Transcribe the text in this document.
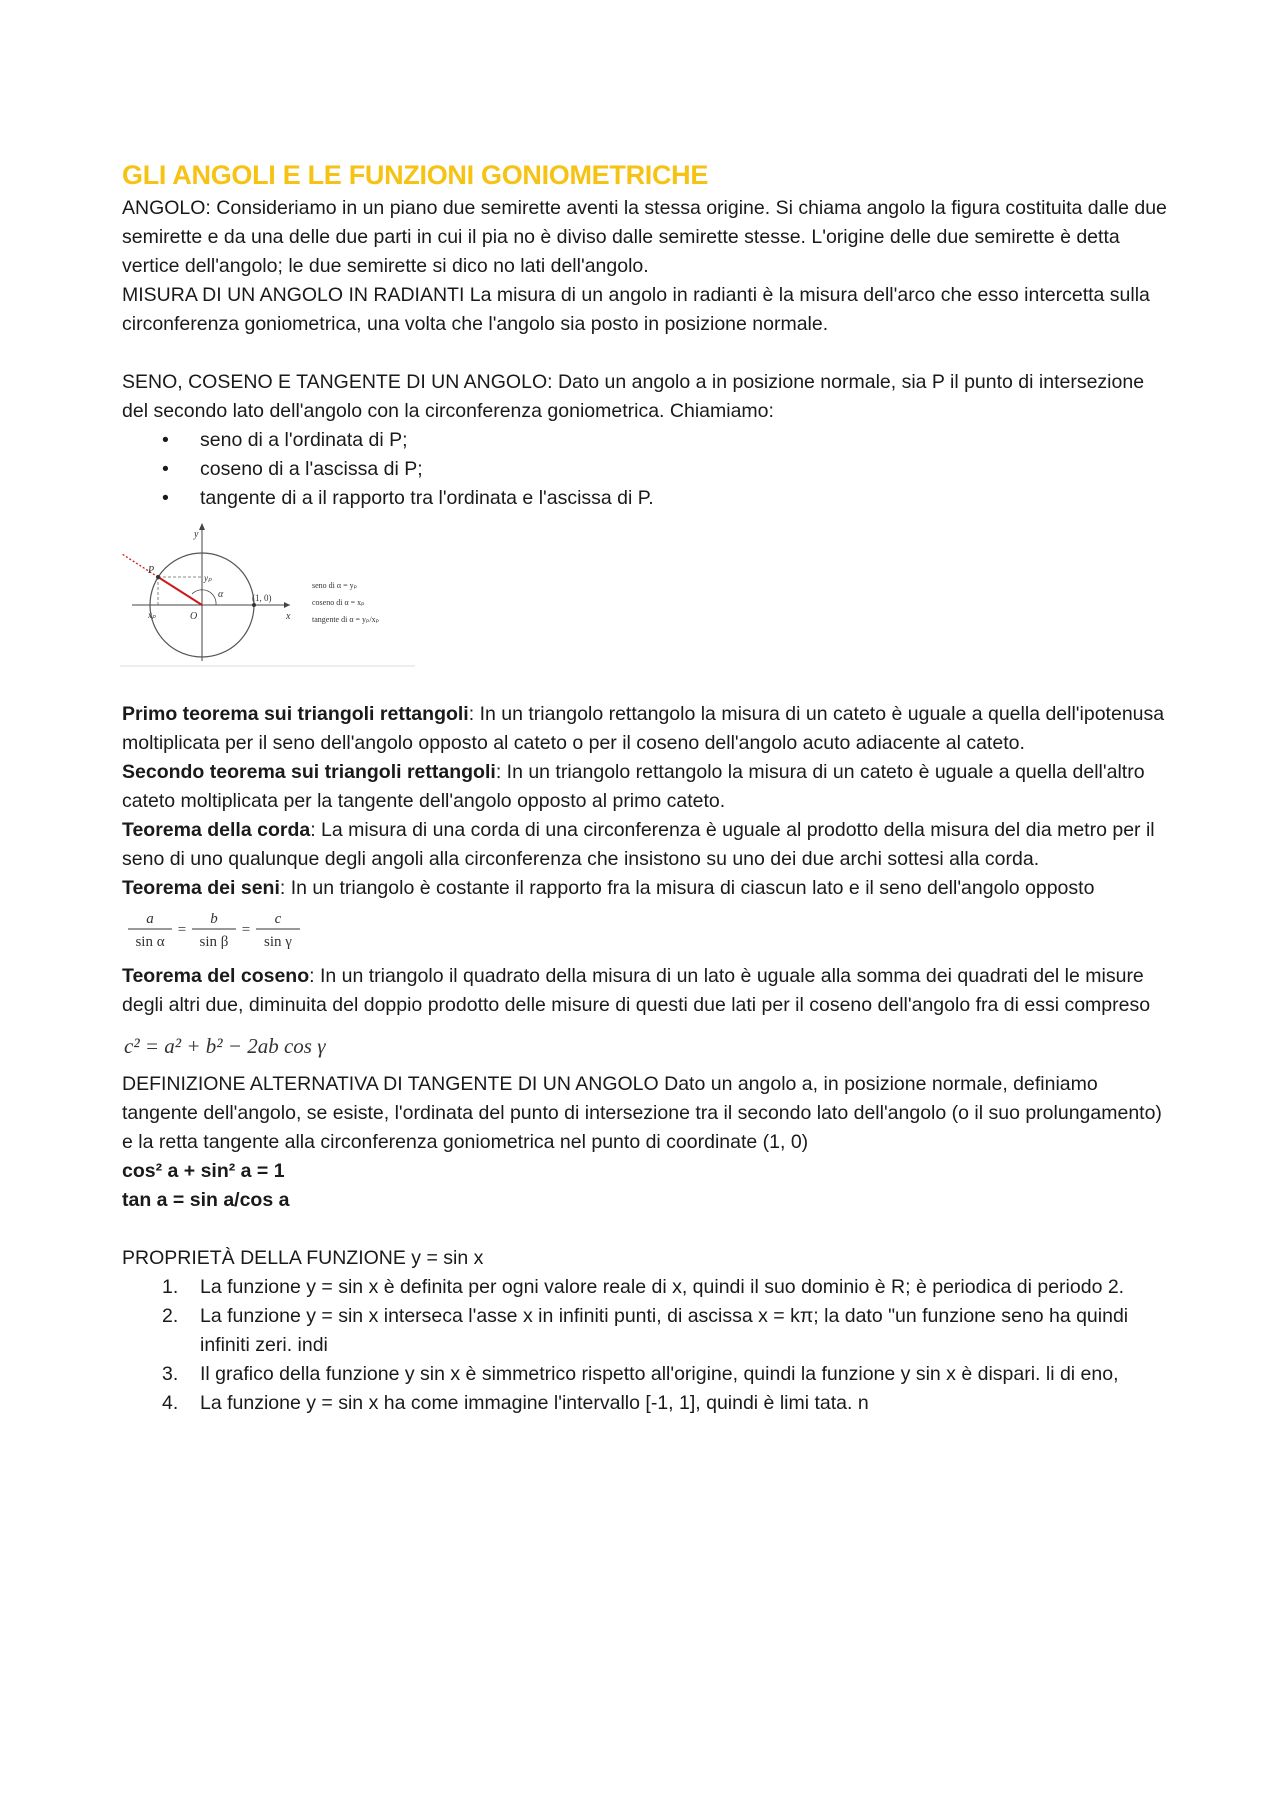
GLI ANGOLI E LE FUNZIONI GONIOMETRICHE

ANGOLO: Consideriamo in un piano due semirette aventi la stessa origine. Si chiama angolo la figura costituita dalle due semirette e da una delle due parti in cui il pia no è diviso dalle semirette stesse. L'origine delle due semirette è detta vertice dell'angolo; le due semirette si dico no lati dell'angolo.

MISURA DI UN ANGOLO IN RADIANTI La misura di un angolo in radianti è la misura dell'arco che esso intercetta sulla circonferenza goniometrica, una volta che l'angolo sia posto in posizione normale.

SENO, COSENO E TANGENTE DI UN ANGOLO: Dato un angolo a in posizione normale, sia P il punto di intersezione del secondo lato dell'angolo con la circonferenza goniometrica. Chiamiamo:

• seno di a l'ordinata di P;
• coseno di a l'ascissa di P;
• tangente di a il rapporto tra l'ordinata e l'ascissa di P.
y
x
O
P
yₚ
xₚ
α	(1, 0)
seno di α = yₚ
coseno di α = xₚ
tangente di α = yₚ/xₚ

Primo teorema sui triangoli rettangoli: In un triangolo rettangolo la misura di un cateto è uguale a quella dell'ipotenusa moltiplicata per il seno dell'angolo opposto al cateto o per il coseno dell'angolo acuto adiacente al cateto.

Secondo teorema sui triangoli rettangoli: In un triangolo rettangolo la misura di un cateto è uguale a quella dell'altro cateto moltiplicata per la tangente dell'angolo opposto al primo cateto.

Teorema della corda: La misura di una corda di una circonferenza è uguale al prodotto della misura del dia metro per il seno di uno qualunque degli angoli alla circonferenza che insistono su uno dei due archi sottesi alla corda.

Teorema dei seni: In un triangolo è costante il rapporto fra la misura di ciascun lato e il seno dell'angolo opposto

a
sin α
=
b
sin β
=
c
sin γ

Teorema del coseno: In un triangolo il quadrato della misura di un lato è uguale alla somma dei quadrati del le misure degli altri due, diminuita del doppio prodotto delle misure di questi due lati per il coseno dell'angolo fra di essi compreso

c² = a² + b² − 2ab cos γ

DEFINIZIONE ALTERNATIVA DI TANGENTE DI UN ANGOLO Dato un angolo a, in posizione normale, definiamo tangente dell'angolo, se esiste, l'ordinata del punto di intersezione tra il secondo lato dell'angolo (o il suo prolungamento) e la retta tangente alla circonferenza goniometrica nel punto di coordinate (1, 0)

cos² a + sin² a = 1

tan a = sin a/cos a

PROPRIETÀ DELLA FUNZIONE y = sin x

1. La funzione y = sin x è definita per ogni valore reale di x, quindi il suo dominio è R; è periodica di periodo 2.
2. La funzione y = sin x interseca l'asse x in infiniti punti, di ascissa x = kπ; la dato "un funzione seno ha quindi infiniti zeri. indi
3. Il grafico della funzione y sin x è simmetrico rispetto all'origine, quindi la funzione y sin x è dispari. li di eno,
4. La funzione y = sin x ha come immagine l'intervallo [-1, 1], quindi è limi tata. n
